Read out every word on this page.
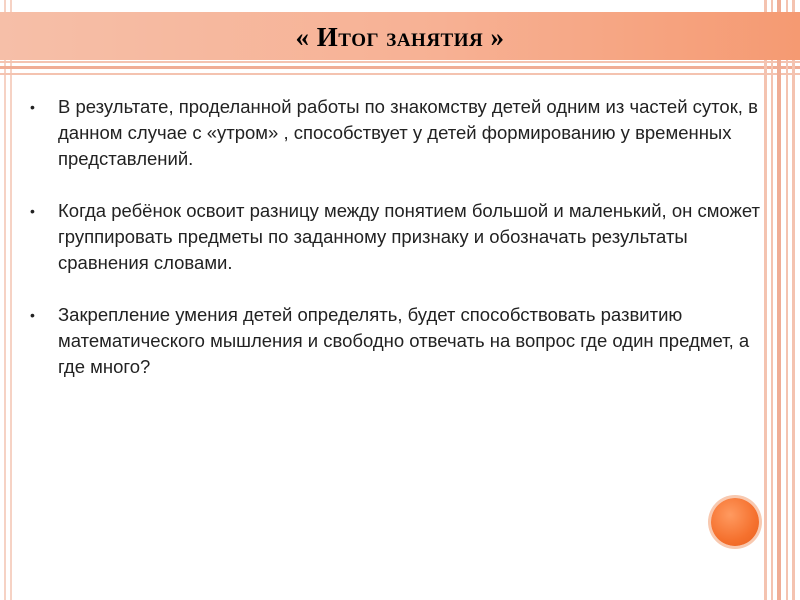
« Итог занятия »
• В результате, проделанной работы по знакомству детей одним из частей суток, в данном случае с «утром» , способствует у детей формированию у временных представлений.
• Когда ребёнок освоит разницу между понятием большой и маленький, он сможет группировать предметы по заданному признаку и обозначать результаты сравнения словами.
• Закрепление умения детей определять, будет способствовать развитию математического мышления и свободно отвечать на вопрос где один предмет, а где много?
